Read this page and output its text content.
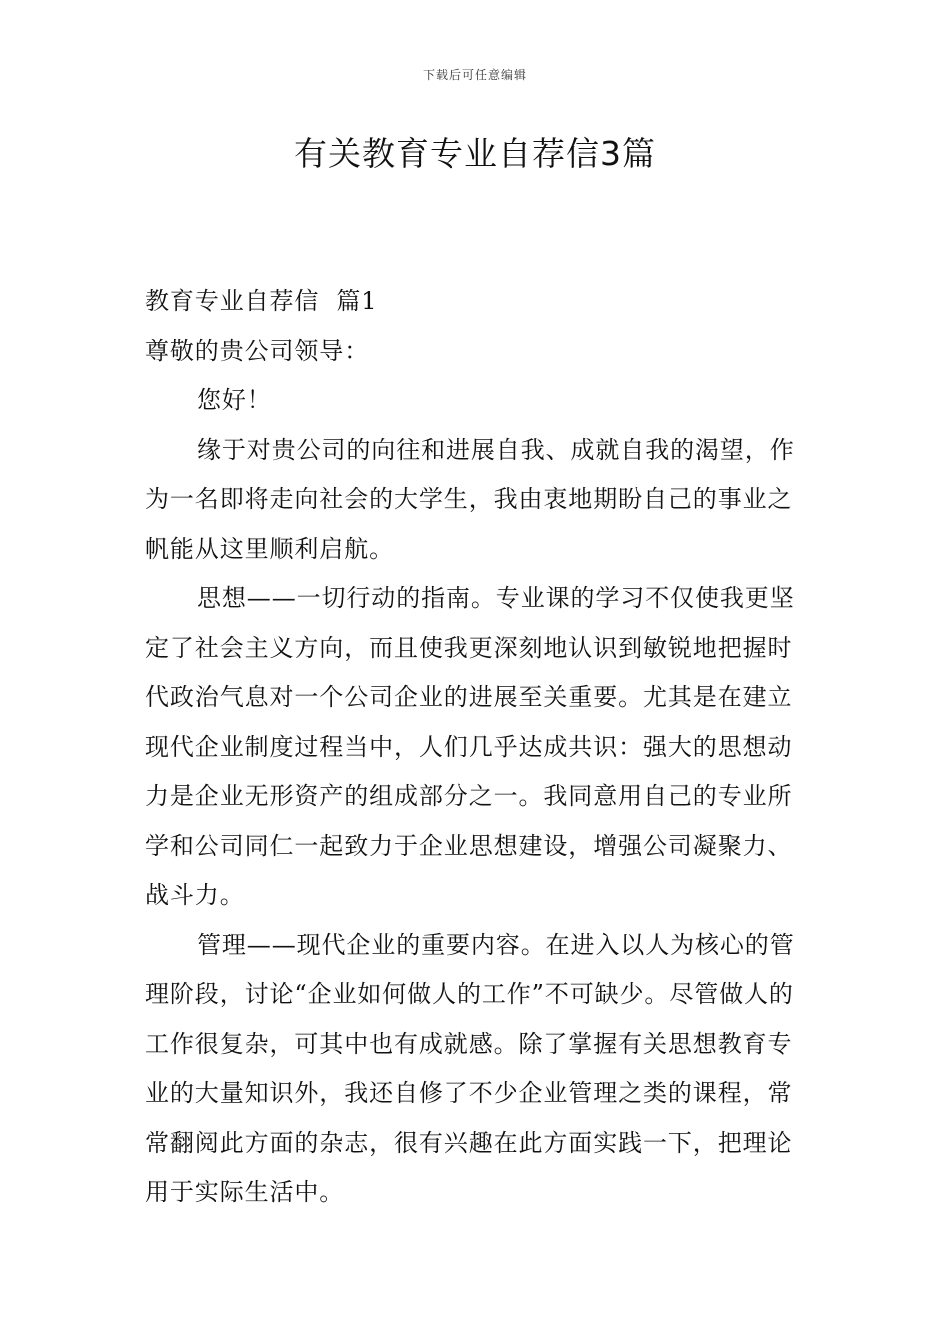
下载后可任意编辑
有关教育专业自荐信3篇

教育专业自荐信  篇1

尊敬的贵公司领导：

您好！

缘于对贵公司的向往和进展自我、成就自我的渴望，作为一名即将走向社会的大学生，我由衷地期盼自己的事业之帆能从这里顺利启航。

思想——一切行动的指南。专业课的学习不仅使我更坚定了社会主义方向，而且使我更深刻地认识到敏锐地把握时代政治气息对一个公司企业的进展至关重要。尤其是在建立现代企业制度过程当中，人们几乎达成共识：强大的思想动力是企业无形资产的组成部分之一。我同意用自己的专业所学和公司同仁一起致力于企业思想建设，增强公司凝聚力、战斗力。

管理——现代企业的重要内容。在进入以人为核心的管理阶段，讨论“企业如何做人的工作”不可缺少。尽管做人的工作很复杂，可其中也有成就感。除了掌握有关思想教育专业的大量知识外，我还自修了不少企业管理之类的课程，常常翻阅此方面的杂志，很有兴趣在此方面实践一下，把理论用于实际生活中。
